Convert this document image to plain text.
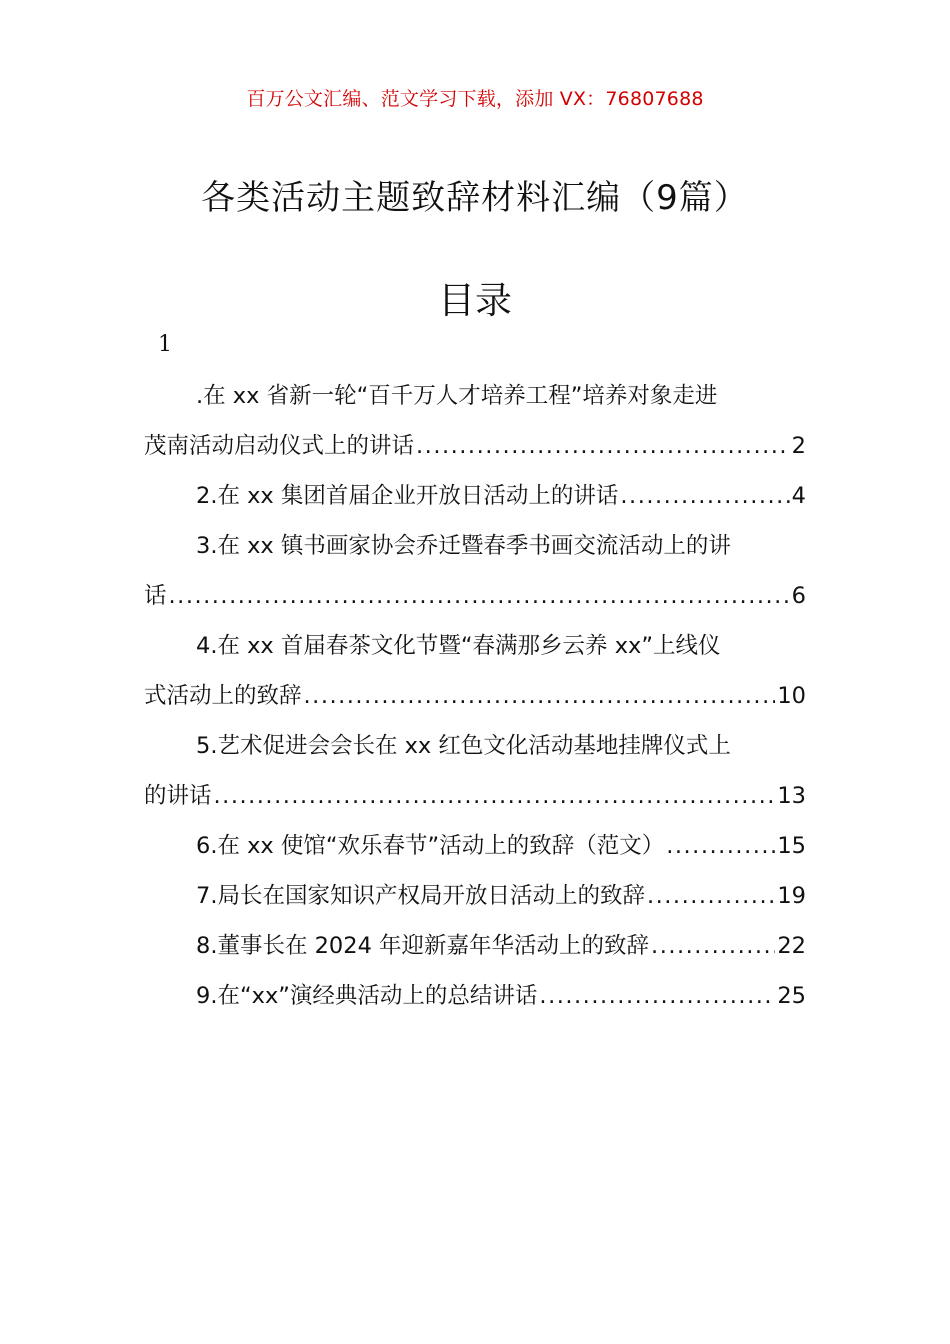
百万公文汇编、范文学习下载，添加 VX：76807688
各类活动主题致辞材料汇编（9篇）
目录
1
.在 xx 省新一轮“百千万人才培养工程”培养对象走进
茂南活动启动仪式上的讲话 .....	2
2.在 xx 集团首届企业开放日活动上的讲话 .....	4
3.在 xx 镇书画家协会乔迁暨春季书画交流活动上的讲
话 .....	6
4.在 xx 首届春茶文化节暨“春满那乡云养 xx”上线仪
式活动上的致辞 .....	10
5.艺术促进会会长在 xx 红色文化活动基地挂牌仪式上
的讲话 .....	13
6.在 xx 使馆“欢乐春节”活动上的致辞（范文） .....	15
7.局长在国家知识产权局开放日活动上的致辞 .....	19
8.董事长在 2024 年迎新嘉年华活动上的致辞 .....	22
9.在“xx”演经典活动上的总结讲话 .....	25
